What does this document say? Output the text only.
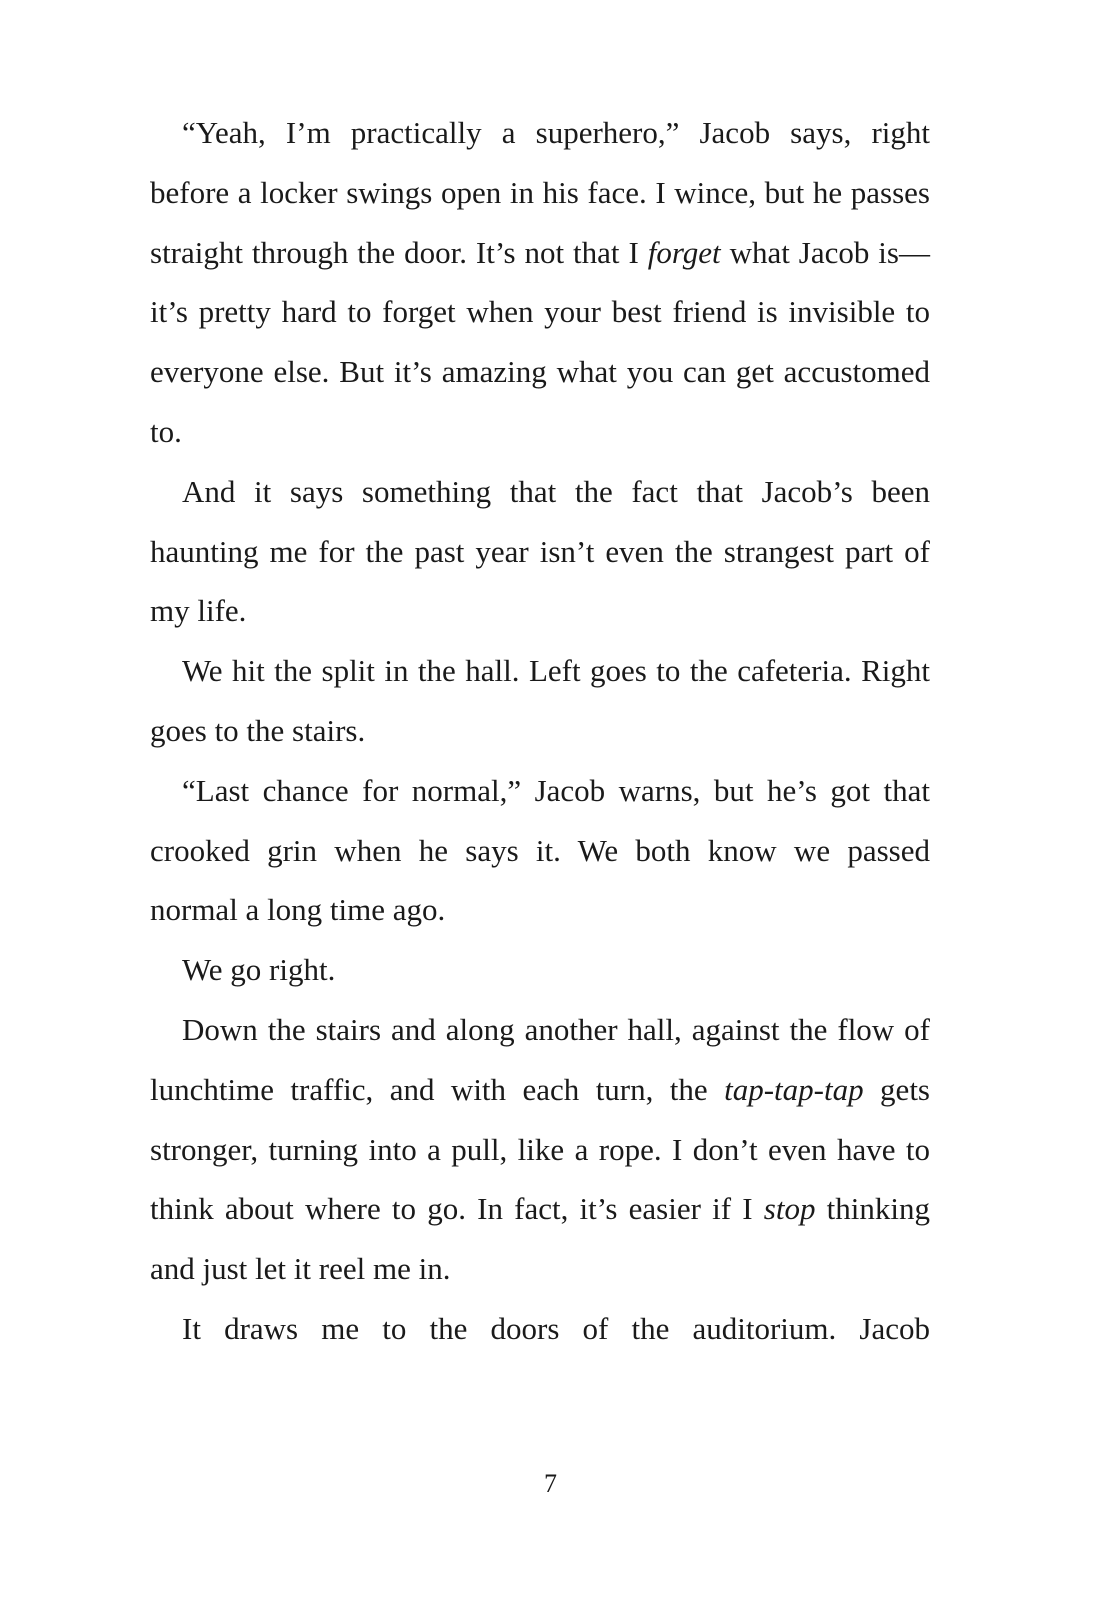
“Yeah, I’m practically a superhero,” Jacob says, right before a locker swings open in his face. I wince, but he passes straight through the door. It’s not that I forget what Jacob is—it’s pretty hard to forget when your best friend is invisible to everyone else. But it’s amazing what you can get accustomed to.

And it says something that the fact that Jacob’s been haunting me for the past year isn’t even the strangest part of my life.

We hit the split in the hall. Left goes to the cafeteria. Right goes to the stairs.

“Last chance for normal,” Jacob warns, but he’s got that crooked grin when he says it. We both know we passed normal a long time ago.

We go right.

Down the stairs and along another hall, against the flow of lunchtime traffic, and with each turn, the tap-tap-tap gets stronger, turning into a pull, like a rope. I don’t even have to think about where to go. In fact, it’s easier if I stop thinking and just let it reel me in.

It draws me to the doors of the auditorium. Jacob

7
